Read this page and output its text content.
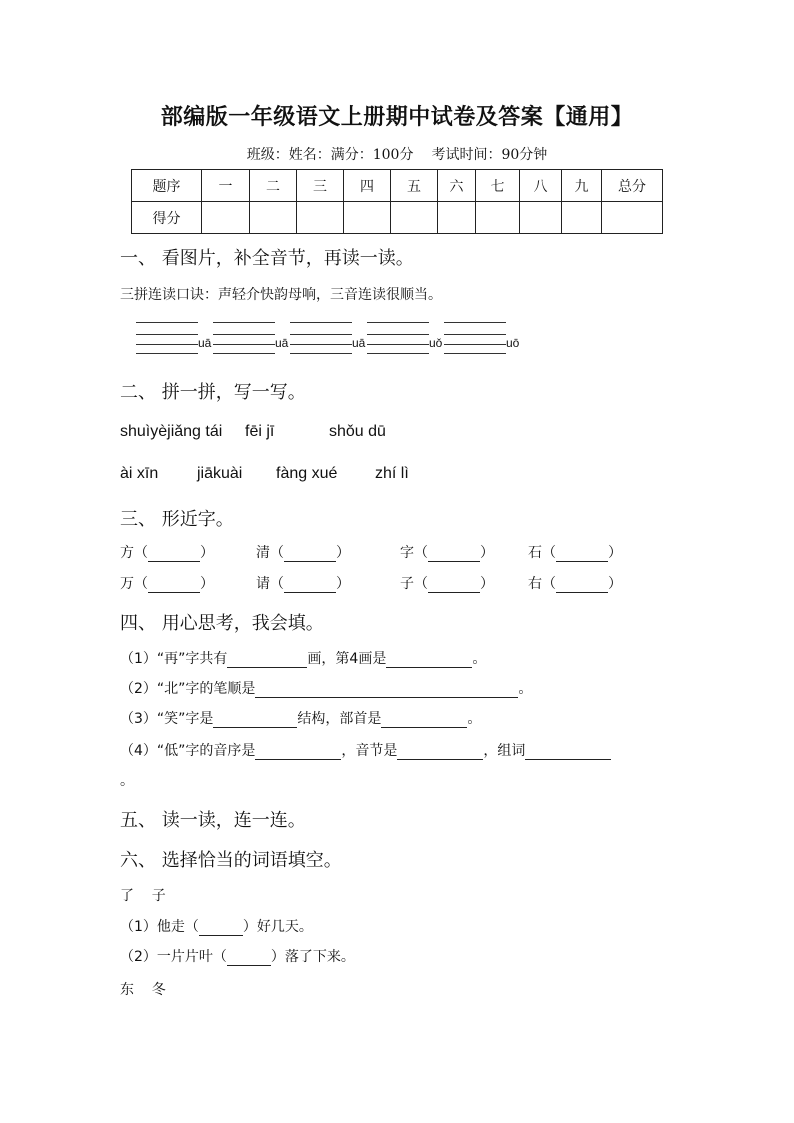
部编版一年级语文上册期中试卷及答案【通用】
班级：姓名：满分：100分 考试时间：90分钟
题序	一	二	三	四	五	六	七	八	九	总分
得分										
一、 看图片，补全音节，再读一读。
三拼连读口诀：声轻介快韵母响，三音连读很顺当。
uā	uā	uā	uǒ	uō
二、 拼一拼，写一写。
shuìyèjiǎng tái fēi jī	shǒu dū
ài xīn jiākuài fàng xué zhí lì
三、 形近字。
方（	）	清（	）	字（	） 石（	）
万（	）	请（	）	子（	） 右（	）
四、 用心思考，我会填。
（1）“再”字共有	画，第4画是	。
（2）“北”字的笔顺是	。
（3）“笑”字是	结构，部首是	。
（4）“低”字的音序是	，音节是	，组词
。
五、 读一读，连一连。
六、 选择恰当的词语填空。
了    子
（1）他走（	）好几天。
（2）一片片叶（	）落了下来。
东    冬
